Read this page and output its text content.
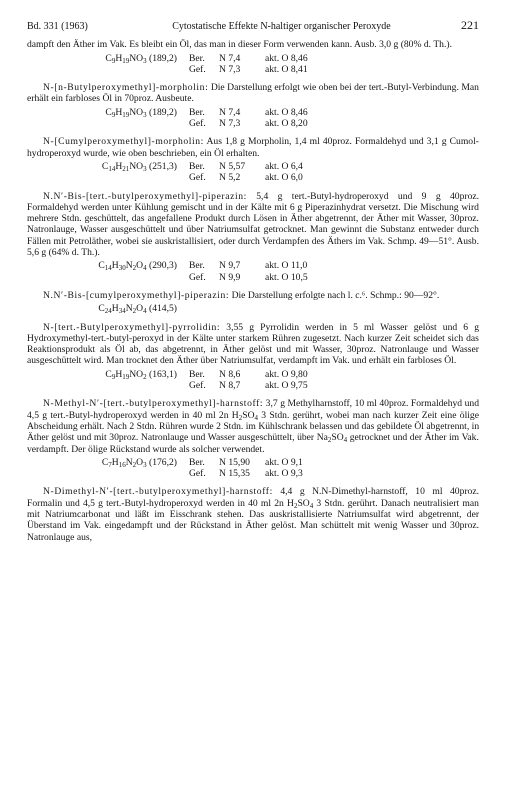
Bd. 331 (1963)	Cytostatische Effekte N-haltiger organischer Peroxyde	221

dampft den Äther im Vak. Es bleibt ein Öl, das man in dieser Form verwenden kann. Ausb. 3,0 g (80% d. Th.).

$C_9H_{19}NO_3$ (189,2)	Ber.	N 7,4	akt. O 8,46
Gef.	N 7,3	akt. O 8,41

N-[n-Butylperoxymethyl]-morpholin: Die Darstellung erfolgt wie oben bei der tert.-Butyl-Verbindung. Man erhält ein farbloses Öl in 70proz. Ausbeute.

$C_9H_{19}NO_3$ (189,2)	Ber.	N 7,4	akt. O 8,46
Gef.	N 7,3	akt. O 8,20

N-[Cumylperoxymethyl]-morpholin: Aus 1,8 g Morpholin, 1,4 ml 40proz. Formaldehyd und 3,1 g Cumol-hydroperoxyd wurde, wie oben beschrieben, ein Öl erhalten.

$C_{14}H_{21}NO_3$ (251,3)	Ber.	N 5,57	akt. O 6,4
Gef.	N 5,2	akt. O 6,0

N.N′-Bis-[tert.-butylperoxymethyl]-piperazin: 5,4 g tert.-Butyl-hydroperoxyd und 9 g 40proz. Formaldehyd werden unter Kühlung gemischt und in der Kälte mit 6 g Piperazinhydrat versetzt. Die Mischung wird mehrere Stdn. geschüttelt, das angefallene Produkt durch Lösen in Äther abgetrennt, der Äther mit Wasser, 30proz. Natronlauge, Wasser ausgeschüttelt und über Natriumsulfat getrocknet. Man gewinnt die Substanz entweder durch Fällen mit Petroläther, wobei sie auskristallisiert, oder durch Verdampfen des Äthers im Vak. Schmp. 49—51°. Ausb. 5,6 g (64% d. Th.).

$C_{14}H_{30}N_2O_4$ (290,3)	Ber.	N 9,7	akt. O 11,0
Gef.	N 9,9	akt. O 10,5

N.N′-Bis-[cumylperoxymethyl]-piperazin: Die Darstellung erfolgte nach l. c.⁶. Schmp.: 90—92°.

$C_{24}H_{34}N_2O_4$ (414,5)

N-[tert.-Butylperoxymethyl]-pyrrolidin: 3,55 g Pyrrolidin werden in 5 ml Wasser gelöst und 6 g Hydroxymethyl-tert.-butyl-peroxyd in der Kälte unter starkem Rühren zugesetzt. Nach kurzer Zeit scheidet sich das Reaktionsprodukt als Öl ab, das abgetrennt, in Äther gelöst und mit Wasser, 30proz. Natronlauge und Wasser ausgeschüttelt wird. Man trocknet den Äther über Natriumsulfat, verdampft im Vak. und erhält ein farbloses Öl.

$C_9H_{19}NO_2$ (163,1)	Ber.	N 8,6	akt. O 9,80
Gef.	N 8,7	akt. O 9,75

N-Methyl-N′-[tert.-butylperoxymethyl]-harnstoff: 3,7 g Methylharnstoff, 10 ml 40proz. Formaldehyd und 4,5 g tert.-Butyl-hydroperoxyd werden in 40 ml 2n $H_2SO_4$ 3 Stdn. gerührt, wobei man nach kurzer Zeit eine ölige Abscheidung erhält. Nach 2 Stdn. Rühren wurde 2 Stdn. im Kühlschrank belassen und das gebildete Öl abgetrennt, in Äther gelöst und mit 30proz. Natronlauge und Wasser ausgeschüttelt, über $Na_2SO_4$ getrocknet und der Äther im Vak. verdampft. Der ölige Rückstand wurde als solcher verwendet.

$C_7H_{16}N_2O_3$ (176,2)	Ber.	N 15,90	akt. O 9,1
Gef.	N 15,35	akt. O 9,3

N-Dimethyl-N′-[tert.-butylperoxymethyl]-harnstoff: 4,4 g N.N-Dimethyl-harnstoff, 10 ml 40proz. Formalin und 4,5 g tert.-Butyl-hydroperoxyd werden in 40 ml 2n $H_2SO_4$ 3 Stdn. gerührt. Danach neutralisiert man mit Natriumcarbonat und läßt im Eisschrank stehen. Das auskristallisierte Natriumsulfat wird abgetrennt, der Überstand im Vak. eingedampft und der Rückstand in Äther gelöst. Man schüttelt mit wenig Wasser und 30proz. Natronlauge aus,
